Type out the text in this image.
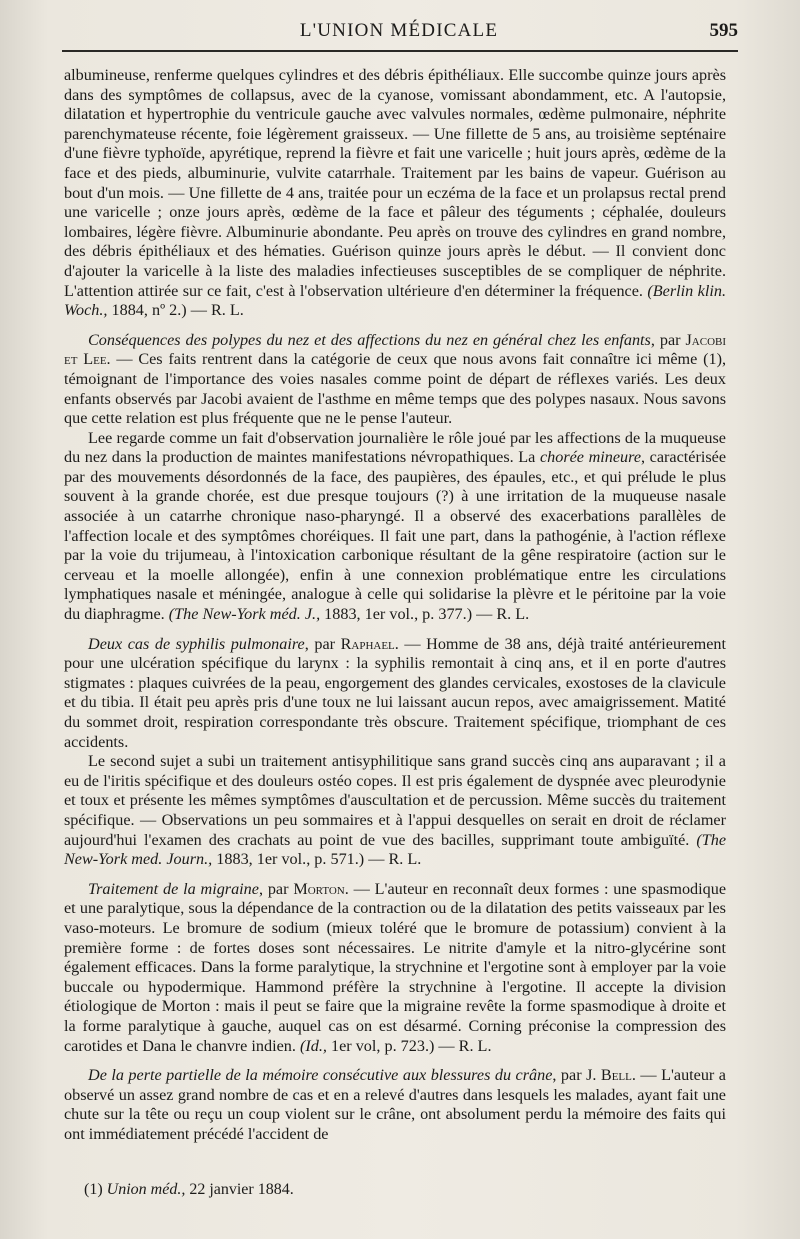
L'UNION MÉDICALE	595

albumineuse, renferme quelques cylindres et des débris épithéliaux. Elle succombe quinze jours après dans des symptômes de collapsus, avec de la cyanose, vomissant abondamment, etc. A l'autopsie, dilatation et hypertrophie du ventricule gauche avec valvules normales, œdème pulmonaire, néphrite parenchymateuse récente, foie légèrement graisseux. — Une fillette de 5 ans, au troisième septénaire d'une fièvre typhoïde, apyrétique, reprend la fièvre et fait une varicelle ; huit jours après, œdème de la face et des pieds, albuminurie, vulvite catarrhale. Traitement par les bains de vapeur. Guérison au bout d'un mois. — Une fillette de 4 ans, traitée pour un eczéma de la face et un prolapsus rectal prend une varicelle ; onze jours après, œdème de la face et pâleur des téguments ; céphalée, douleurs lombaires, légère fièvre. Albuminurie abondante. Peu après on trouve des cylindres en grand nombre, des débris épithéliaux et des hématies. Guérison quinze jours après le début. — Il convient donc d'ajouter la varicelle à la liste des maladies infectieuses susceptibles de se compliquer de néphrite. L'attention attirée sur ce fait, c'est à l'observation ultérieure d'en déterminer la fréquence. (Berlin klin. Woch., 1884, nº 2.) — R. L.

Conséquences des polypes du nez et des affections du nez en général chez les enfants, par Jacobi et Lee. — Ces faits rentrent dans la catégorie de ceux que nous avons fait connaître ici même (1), témoignant de l'importance des voies nasales comme point de départ de réflexes variés. Les deux enfants observés par Jacobi avaient de l'asthme en même temps que des polypes nasaux. Nous savons que cette relation est plus fréquente que ne le pense l'auteur.

Lee regarde comme un fait d'observation journalière le rôle joué par les affections de la muqueuse du nez dans la production de maintes manifestations névropathiques. La chorée mineure, caractérisée par des mouvements désordonnés de la face, des paupières, des épaules, etc., et qui prélude le plus souvent à la grande chorée, est due presque toujours (?) à une irritation de la muqueuse nasale associée à un catarrhe chronique naso-pharyngé. Il a observé des exacerbations parallèles de l'affection locale et des symptômes choréiques. Il fait une part, dans la pathogénie, à l'action réflexe par la voie du trijumeau, à l'intoxication carbonique résultant de la gêne respiratoire (action sur le cerveau et la moelle allongée), enfin à une connexion problématique entre les circulations lymphatiques nasale et méningée, analogue à celle qui solidarise la plèvre et le péritoine par la voie du diaphragme. (The New-York méd. J., 1883, 1er vol., p. 377.) — R. L.

Deux cas de syphilis pulmonaire, par Raphael. — Homme de 38 ans, déjà traité antérieurement pour une ulcération spécifique du larynx : la syphilis remontait à cinq ans, et il en porte d'autres stigmates : plaques cuivrées de la peau, engorgement des glandes cervicales, exostoses de la clavicule et du tibia. Il était peu après pris d'une toux ne lui laissant aucun repos, avec amaigrissement. Matité du sommet droit, respiration correspondante très obscure. Traitement spécifique, triomphant de ces accidents.

Le second sujet a subi un traitement antisyphilitique sans grand succès cinq ans auparavant ; il a eu de l'iritis spécifique et des douleurs ostéo copes. Il est pris également de dyspnée avec pleurodynie et toux et présente les mêmes symptômes d'auscultation et de percussion. Même succès du traitement spécifique. — Observations un peu sommaires et à l'appui desquelles on serait en droit de réclamer aujourd'hui l'examen des crachats au point de vue des bacilles, supprimant toute ambiguïté. (The New-York med. Journ., 1883, 1er vol., p. 571.) — R. L.

Traitement de la migraine, par Morton. — L'auteur en reconnaît deux formes : une spasmodique et une paralytique, sous la dépendance de la contraction ou de la dilatation des petits vaisseaux par les vaso-moteurs. Le bromure de sodium (mieux toléré que le bromure de potassium) convient à la première forme : de fortes doses sont nécessaires. Le nitrite d'amyle et la nitro-glycérine sont également efficaces. Dans la forme paralytique, la strychnine et l'ergotine sont à employer par la voie buccale ou hypodermique. Hammond préfère la strychnine à l'ergotine. Il accepte la division étiologique de Morton : mais il peut se faire que la migraine revête la forme spasmodique à droite et la forme paralytique à gauche, auquel cas on est désarmé. Corning préconise la compression des carotides et Dana le chanvre indien. (Id., 1er vol, p. 723.) — R. L.

De la perte partielle de la mémoire consécutive aux blessures du crâne, par J. Bell. — L'auteur a observé un assez grand nombre de cas et en a relevé d'autres dans lesquels les malades, ayant fait une chute sur la tête ou reçu un coup violent sur le crâne, ont absolument perdu la mémoire des faits qui ont immédiatement précédé l'accident de

(1) Union méd., 22 janvier 1884.
